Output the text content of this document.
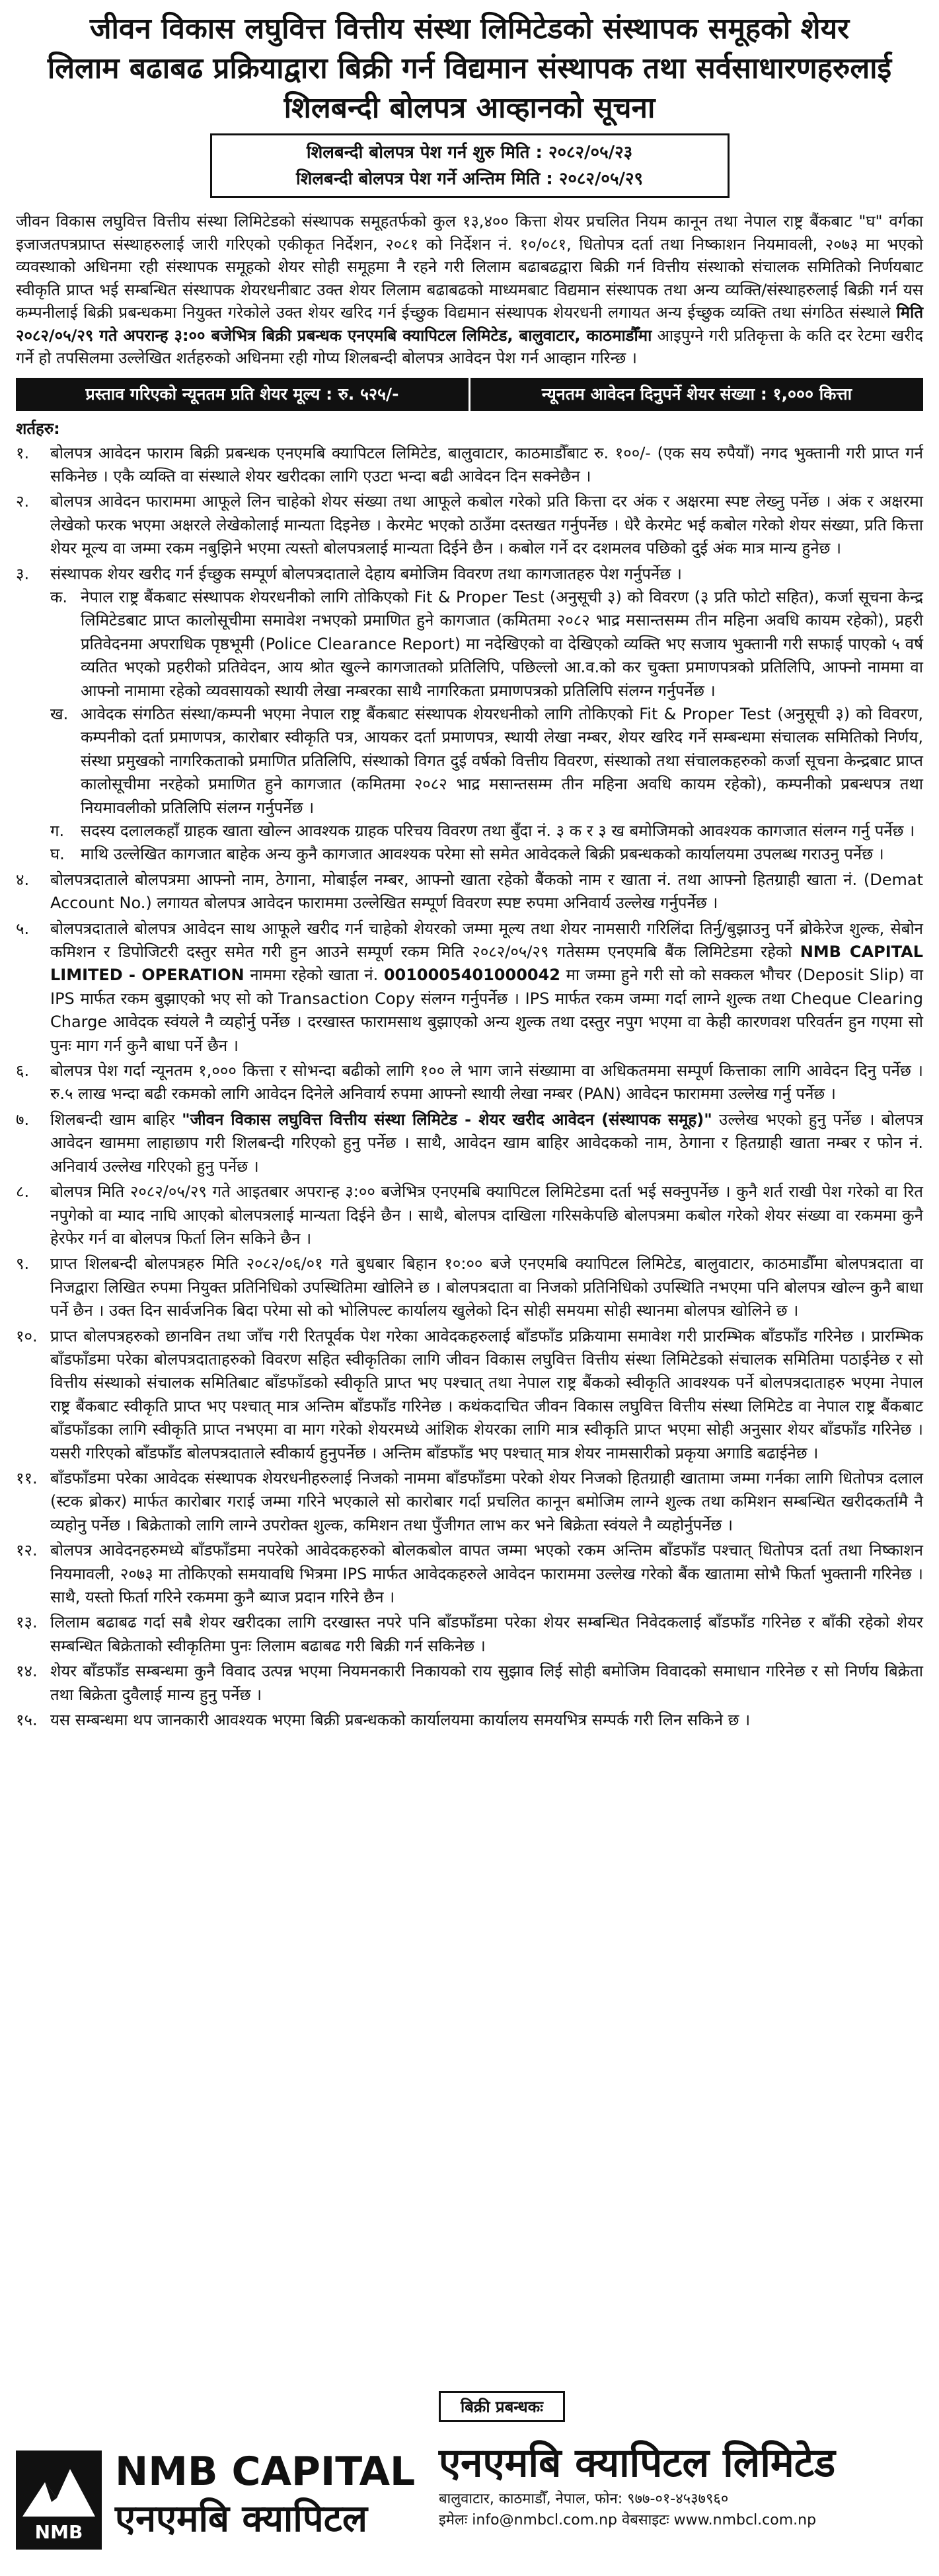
जीवन विकास लघुवित्त वित्तीय संस्था लिमिटेडको संस्थापक समूहको शेयर
लिलाम बढाबढ प्रक्रियाद्वारा बिक्री गर्न विद्यमान संस्थापक तथा सर्वसाधारणहरुलाई
शिलबन्दी बोलपत्र आव्हानको सूचना
शिलबन्दी बोलपत्र पेश गर्न शुरु मिति : २०८२/०५/२३
शिलबन्दी बोलपत्र पेश गर्ने अन्तिम मिति : २०८२/०५/२९

जीवन विकास लघुवित्त वित्तीय संस्था लिमिटेडको संस्थापक समूहतर्फको कुल १३,४०० कित्ता शेयर प्रचलित नियम कानून तथा नेपाल राष्ट्र बैंकबाट "घ" वर्गका इजाजतपत्रप्राप्त संस्थाहरुलाई जारी गरिएको एकीकृत निर्देशन, २०८१ को निर्देशन नं. १०/०८१, धितोपत्र दर्ता तथा निष्काशन नियमावली, २०७३ मा भएको व्यवस्थाको अधिनमा रही संस्थापक समूहको शेयर सोही समूहमा नै रहने गरी लिलाम बढाबढद्वारा बिक्री गर्न वित्तीय संस्थाको संचालक समितिको निर्णयबाट स्वीकृति प्राप्त भई सम्बन्धित संस्थापक शेयरधनीबाट उक्त शेयर लिलाम बढाबढको माध्यमबाट विद्यमान संस्थापक तथा अन्य व्यक्ति/संस्थाहरुलाई बिक्री गर्न यस कम्पनीलाई बिक्री प्रबन्धकमा नियुक्त गरेकोले उक्त शेयर खरिद गर्न ईच्छुक विद्यमान संस्थापक शेयरधनी लगायत अन्य ईच्छुक व्यक्ति तथा संगठित संस्थाले मिति २०८२/०५/२९ गते अपरान्ह ३:०० बजेभित्र बिक्री प्रबन्धक एनएमबि क्यापिटल लिमिटेड, बालुवाटार, काठमाडौँमा आइपुग्ने गरी प्रतिकृत्ता के कति दर रेटमा खरीद गर्ने हो तपसिलमा उल्लेखित शर्तहरुको अधिनमा रही गोप्य शिलबन्दी बोलपत्र आवेदन पेश गर्न आव्हान गरिन्छ ।

प्रस्ताव गरिएको न्यूनतम प्रति शेयर मूल्य : रु. ५२५/-	न्यूनतम आवेदन दिनुपर्ने शेयर संख्या : १,००० कित्ता
शर्तहरु:
१.	बोलपत्र आवेदन फाराम बिक्री प्रबन्धक एनएमबि क्यापिटल लिमिटेड, बालुवाटार, काठमाडौँबाट रु. १००/- (एक सय रुपैयाँ) नगद भुक्तानी गरी प्राप्त गर्न सकिनेछ । एकै व्यक्ति वा संस्थाले शेयर खरीदका लागि एउटा भन्दा बढी आवेदन दिन सक्नेछैन ।
२.	बोलपत्र आवेदन फाराममा आफूले लिन चाहेको शेयर संख्या तथा आफूले कबोल गरेको प्रति कित्ता दर अंक र अक्षरमा स्पष्ट लेख्नु पर्नेछ । अंक र अक्षरमा लेखेको फरक भएमा अक्षरले लेखेकोलाई मान्यता दिइनेछ । केरमेट भएको ठाउँमा दस्तखत गर्नुपर्नेछ । धेरै केरमेट भई कबोल गरेको शेयर संख्या, प्रति कित्ता शेयर मूल्य वा जम्मा रकम नबुझिने भएमा त्यस्तो बोलपत्रलाई मान्यता दिईने छैन । कबोल गर्ने दर दशमलव पछिको दुई अंक मात्र मान्य हुनेछ ।
३.	संस्थापक शेयर खरीद गर्न ईच्छुक सम्पूर्ण बोलपत्रदाताले देहाय बमोजिम विवरण तथा कागजातहरु पेश गर्नुपर्नेछ ।
क. नेपाल राष्ट्र बैंकबाट संस्थापक शेयरधनीको लागि तोकिएको Fit & Proper Test (अनुसूची ३) को विवरण (३ प्रति फोटो सहित), कर्जा सूचना केन्द्र लिमिटेडबाट प्राप्त कालोसूचीमा समावेश नभएको प्रमाणित हुने कागजात (कमितमा २०८२ भाद्र मसान्तसम्म तीन महिना अवधि कायम रहेको), प्रहरी प्रतिवेदनमा अपराधिक पृष्ठभूमी (Police Clearance Report) मा नदेखिएको वा देखिएको व्यक्ति भए सजाय भुक्तानी गरी सफाई पाएको ५ वर्ष व्यतित भएको प्रहरीको प्रतिवेदन, आय श्रोत खुल्ने कागजातको प्रतिलिपि, पछिल्लो आ.व.को कर चुक्ता प्रमाणपत्रको प्रतिलिपि, आफ्नो नाममा वा आफ्नो नामामा रहेको व्यवसायको स्थायी लेखा नम्बरका साथै नागरिकता प्रमाणपत्रको प्रतिलिपि संलग्न गर्नुपर्नेछ ।
ख. आवेदक संगठित संस्था/कम्पनी भएमा नेपाल राष्ट्र बैंकबाट संस्थापक शेयरधनीको लागि तोकिएको Fit & Proper Test (अनुसूची ३) को विवरण, कम्पनीको दर्ता प्रमाणपत्र, कारोबार स्वीकृति पत्र, आयकर दर्ता प्रमाणपत्र, स्थायी लेखा नम्बर, शेयर खरिद गर्ने सम्बन्धमा संचालक समितिको निर्णय, संस्था प्रमुखको नागरिकताको प्रमाणित प्रतिलिपि, संस्थाको विगत दुई वर्षको वित्तीय विवरण, संस्थाको तथा संचालकहरुको कर्जा सूचना केन्द्रबाट प्राप्त कालोसूचीमा नरहेको प्रमाणित हुने कागजात (कमितमा २०८२ भाद्र मसान्तसम्म तीन महिना अवधि कायम रहेको), कम्पनीको प्रबन्धपत्र तथा नियमावलीको प्रतिलिपि संलग्न गर्नुपर्नेछ ।
ग.	सदस्य दलालकहाँ ग्राहक खाता खोल्न आवश्यक ग्राहक परिचय विवरण तथा बुँदा नं. ३ क र ३ ख बमोजिमको आवश्यक कागजात संलग्न गर्नु पर्नेछ ।
घ.	माथि उल्लेखित कागजात बाहेक अन्य कुनै कागजात आवश्यक परेमा सो समेत आवेदकले बिक्री प्रबन्धकको कार्यालयमा उपलब्ध गराउनु पर्नेछ ।
४.	बोलपत्रदाताले बोलपत्रमा आफ्नो नाम, ठेगाना, मोबाईल नम्बर, आफ्नो खाता रहेको बैंकको नाम र खाता नं. तथा आफ्नो हितग्राही खाता नं. (Demat Account No.) लगायत बोलपत्र आवेदन फाराममा उल्लेखित सम्पूर्ण विवरण स्पष्ट रुपमा अनिवार्य उल्लेख गर्नुपर्नेछ ।
५.	बोलपत्रदाताले बोलपत्र आवेदन साथ आफूले खरीद गर्न चाहेको शेयरको जम्मा मूल्य तथा शेयर नामसारी गरिलिंदा तिर्नु/बुझाउनु पर्ने ब्रोकेरेज शुल्क, सेबोन कमिशन र डिपोजिटरी दस्तुर समेत गरी हुन आउने सम्पूर्ण रकम मिति २०८२/०५/२९ गतेसम्म एनएमबि बैंक लिमिटेडमा रहेको NMB CAPITAL LIMITED - OPERATION नाममा रहेको खाता नं. 0010005401000042 मा जम्मा हुने गरी सो को सक्कल भौचर (Deposit Slip) वा IPS मार्फत रकम बुझाएको भए सो को Transaction Copy संलग्न गर्नुपर्नेछ । IPS मार्फत रकम जम्मा गर्दा लाग्ने शुल्क तथा Cheque Clearing Charge आवेदक स्वंयले नै व्यहोर्नु पर्नेछ । दरखास्त फारामसाथ बुझाएको अन्य शुल्क तथा दस्तुर नपुग भएमा वा केही कारणवश परिवर्तन हुन गएमा सो पुनः माग गर्न कुनै बाधा पर्ने छैन ।
६.	बोलपत्र पेश गर्दा न्यूनतम १,००० कित्ता र सोभन्दा बढीको लागि १०० ले भाग जाने संख्यामा वा अधिकतममा सम्पूर्ण कित्ताका लागि आवेदन दिनु पर्नेछ । रु.५ लाख भन्दा बढी रकमको लागि आवेदन दिनेले अनिवार्य रुपमा आफ्नो स्थायी लेखा नम्बर (PAN) आवेदन फाराममा उल्लेख गर्नु पर्नेछ ।
७.	शिलबन्दी खाम बाहिर "जीवन विकास लघुवित्त वित्तीय संस्था लिमिटेड - शेयर खरीद आवेदन (संस्थापक समूह)" उल्लेख भएको हुनु पर्नेछ । बोलपत्र आवेदन खाममा लाहाछाप गरी शिलबन्दी गरिएको हुनु पर्नेछ । साथै, आवेदन खाम बाहिर आवेदकको नाम, ठेगाना र हितग्राही खाता नम्बर र फोन नं. अनिवार्य उल्लेख गरिएको हुनु पर्नेछ ।
८.	बोलपत्र मिति २०८२/०५/२९ गते आइतबार अपरान्ह ३:०० बजेभित्र एनएमबि क्यापिटल लिमिटेडमा दर्ता भई सक्नुपर्नेछ । कुनै शर्त राखी पेश गरेको वा रित नपुगेको वा म्याद नाघि आएको बोलपत्रलाई मान्यता दिईने छैन । साथै, बोलपत्र दाखिला गरिसकेपछि बोलपत्रमा कबोल गरेको शेयर संख्या वा रकममा कुनै हेरफेर गर्न वा बोलपत्र फिर्ता लिन सकिने छैन ।
९.	प्राप्त शिलबन्दी बोलपत्रहरु मिति २०८२/०६/०१ गते बुधबार बिहान १०:०० बजे एनएमबि क्यापिटल लिमिटेड, बालुवाटार, काठमाडौँमा बोलपत्रदाता वा निजद्वारा लिखित रुपमा नियुक्त प्रतिनिधिको उपस्थितिमा खोलिने छ । बोलपत्रदाता वा निजको प्रतिनिधिको उपस्थिति नभएमा पनि बोलपत्र खोल्न कुनै बाधा पर्ने छैन । उक्त दिन सार्वजनिक बिदा परेमा सो को भोलिपल्ट कार्यालय खुलेको दिन सोही समयमा सोही स्थानमा बोलपत्र खोलिने छ ।
१०. प्राप्त बोलपत्रहरुको छानविन तथा जाँच गरी रितपूर्वक पेश गरेका आवेदकहरुलाई बाँडफाँड प्रक्रियामा समावेश गरी प्रारम्भिक बाँडफाँड गरिनेछ । प्रारम्भिक बाँडफाँडमा परेका बोलपत्रदाताहरुको विवरण सहित स्वीकृतिका लागि जीवन विकास लघुवित्त वित्तीय संस्था लिमिटेडको संचालक समितिमा पठाईनेछ र सो वित्तीय संस्थाको संचालक समितिबाट बाँडफाँडको स्वीकृति प्राप्त भए पश्चात् तथा नेपाल राष्ट्र बैंकको स्वीकृति आवश्यक पर्ने बोलपत्रदाताहरु भएमा नेपाल राष्ट्र बैंकबाट स्वीकृति प्राप्त भए पश्चात् मात्र अन्तिम बाँडफाँड गरिनेछ । कथंकदाचित जीवन विकास लघुवित्त वित्तीय संस्था लिमिटेड वा नेपाल राष्ट्र बैंकबाट बाँडफाँडका लागि स्वीकृति प्राप्त नभएमा वा माग गरेको शेयरमध्ये आंशिक शेयरका लागि मात्र स्वीकृति प्राप्त भएमा सोही अनुसार शेयर बाँडफाँड गरिनेछ । यसरी गरिएको बाँडफाँड बोलपत्रदाताले स्वीकार्य हुनुपर्नेछ । अन्तिम बाँडफाँड भए पश्चात् मात्र शेयर नामसारीको प्रकृया अगाडि बढाईनेछ ।
११. बाँडफाँडमा परेका आवेदक संस्थापक शेयरधनीहरुलाई निजको नाममा बाँडफाँडमा परेको शेयर निजको हितग्राही खातामा जम्मा गर्नका लागि धितोपत्र दलाल (स्टक ब्रोकर) मार्फत कारोबार गराई जम्मा गरिने भएकाले सो कारोबार गर्दा प्रचलित कानून बमोजिम लाग्ने शुल्क तथा कमिशन सम्बन्धित खरीदकर्तामै नै व्यहोनु पर्नेछ । बिक्रेताको लागि लाग्ने उपरोक्त शुल्क, कमिशन तथा पुँजीगत लाभ कर भने बिक्रेता स्वंयले नै व्यहोर्नुपर्नेछ ।
१२. बोलपत्र आवेदनहरुमध्ये बाँडफाँडमा नपरेको आवेदकहरुको बोलकबोल वापत जम्मा भएको रकम अन्तिम बाँडफाँड पश्चात् धितोपत्र दर्ता तथा निष्काशन नियमावली, २०७३ मा तोकिएको समयावधि भित्रमा IPS मार्फत आवेदकहरुले आवेदन फाराममा उल्लेख गरेको बैंक खातामा सोभै फिर्ता भुक्तानी गरिनेछ । साथै, यस्तो फिर्ता गरिने रकममा कुनै ब्याज प्रदान गरिने छैन ।
१३. लिलाम बढाबढ गर्दा सबै शेयर खरीदका लागि दरखास्त नपरे पनि बाँडफाँडमा परेका शेयर सम्बन्धित निवेदकलाई बाँडफाँड गरिनेछ र बाँकी रहेको शेयर सम्बन्धित बिक्रेताको स्वीकृतिमा पुनः लिलाम बढाबढ गरी बिक्री गर्न सकिनेछ ।
१४. शेयर बाँडफाँड सम्बन्धमा कुनै विवाद उत्पन्न भएमा नियमनकारी निकायको राय सुझाव लिई सोही बमोजिम विवादको समाधान गरिनेछ र सो निर्णय बिक्रेता तथा बिक्रेता दुवैलाई मान्य हुनु पर्नेछ ।
१५. यस सम्बन्धमा थप जानकारी आवश्यक भएमा बिक्री प्रबन्धकको कार्यालयमा कार्यालय समयभित्र सम्पर्क गरी लिन सकिने छ ।
बिक्री प्रबन्धकः
NMB
NMB CAPITAL
एनएमबि क्यापिटल
एनएमबि क्यापिटल लिमिटेड
बालुवाटार, काठमाडौँ, नेपाल, फोन: ९७७-०१-४५३७९६०
इमेलः info@nmbcl.com.np वेबसाइटः www.nmbcl.com.np
